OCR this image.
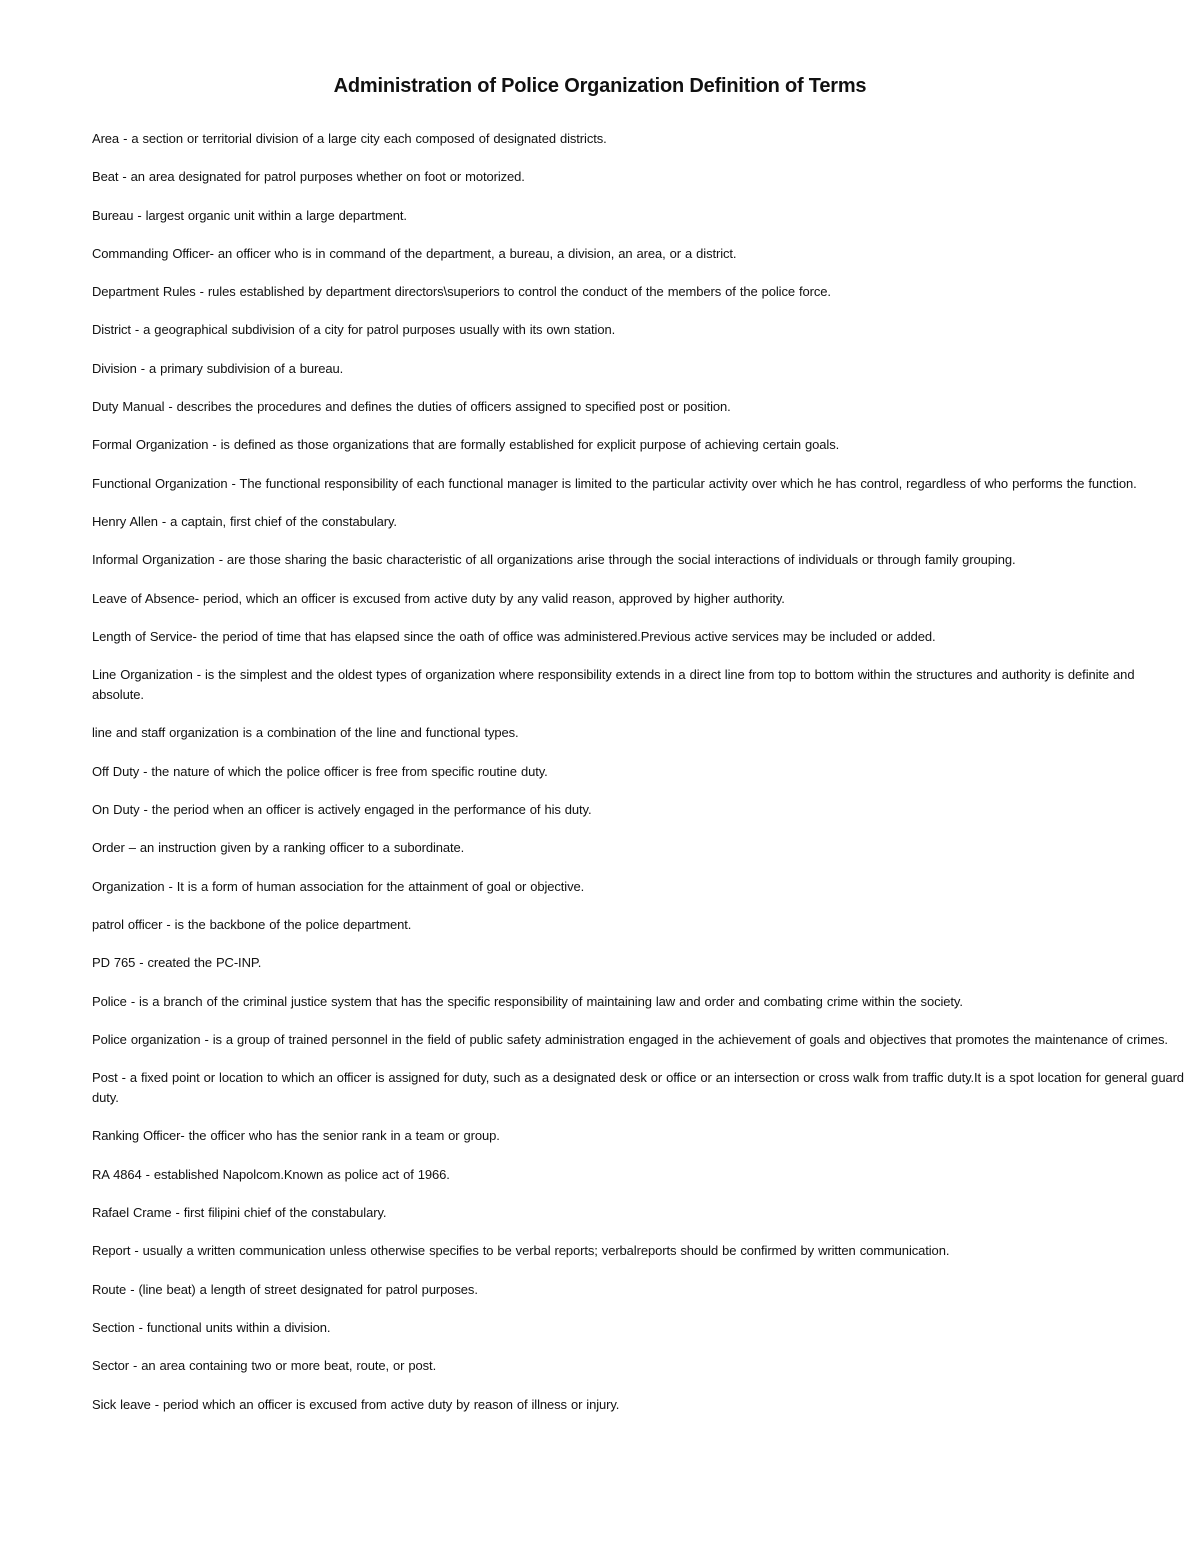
Administration of Police Organization Definition of Terms
Area - a section or territorial division of a large city each composed of designated districts.
Beat - an area designated for patrol purposes whether on foot or motorized.
Bureau - largest organic unit within a large department.
Commanding Officer- an officer who is in command of the department, a bureau, a division, an area, or a district.
Department Rules - rules established by department directors\superiors to control the conduct of the members of the police force.
District - a geographical subdivision of a city for patrol purposes usually with its own station.
Division - a primary subdivision of a bureau.
Duty Manual - describes the procedures and defines the duties of officers assigned to specified post or position.
Formal Organization - is defined as those organizations that are formally established for explicit purpose of achieving certain goals.
Functional Organization - The functional responsibility of each functional manager is limited to the particular activity over which he has control, regardless of who performs the function.
Henry Allen - a captain, first chief of the constabulary.
Informal Organization - are those sharing the basic characteristic of all organizations arise through the social interactions of individuals or through family grouping.
Leave of Absence- period, which an officer is excused from active duty by any valid reason, approved by higher authority.
Length of Service- the period of time that has elapsed since the oath of office was administered.Previous active services may be included or added.
Line Organization - is the simplest and the oldest types of organization where responsibility extends in a direct line from top to bottom within the structures and authority is definite and absolute.
line and staff organization is a combination of the line and functional types.
Off Duty - the nature of which the police officer is free from specific routine duty.
On Duty - the period when an officer is actively engaged in the performance of his duty.
Order – an instruction given by a ranking officer to a subordinate.
Organization - It is a form of human association for the attainment of goal or objective.
patrol officer - is the backbone of the police department.
PD 765 - created the PC-INP.
Police - is a branch of the criminal justice system that has the specific responsibility of maintaining law and order and combating crime within the society.
Police organization - is a group of trained personnel in the field of public safety administration engaged in the achievement of goals and objectives that promotes the maintenance of crimes.
Post - a fixed point or location to which an officer is assigned for duty, such as a designated desk or office or an intersection or cross walk from traffic duty.It is a spot location for general guard duty.
Ranking Officer- the officer who has the senior rank in a team or group.
RA 4864 - established Napolcom.Known as police act of 1966.
Rafael Crame - first filipini chief of the constabulary.
Report - usually a written communication unless otherwise specifies to be verbal reports; verbalreports should be confirmed by written communication.
Route - (line beat) a length of street designated for patrol purposes.
Section - functional units within a division.
Sector - an area containing two or more beat, route, or post.
Sick leave - period which an officer is excused from active duty by reason of illness or injury.
